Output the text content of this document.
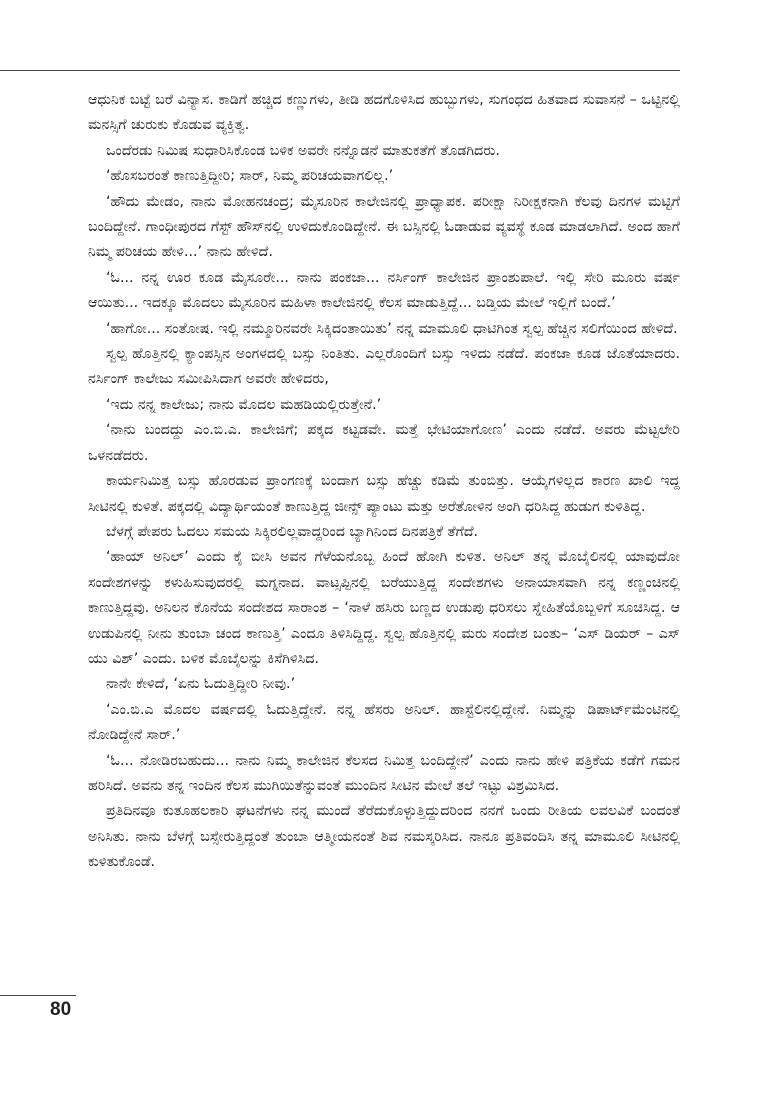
ಆಧುನಿಕ ಬಟ್ಟೆ ಬರೆ ವಿನ್ಯಾಸ. ಕಾಡಿಗೆ ಹಚ್ಚಿದ ಕಣ್ಣುಗಳು, ತೀಡಿ ಹದಗೊಳಿಸಿದ ಹುಬ್ಬುಗಳು, ಸುಗಂಧದ ಹಿತವಾದ ಸುವಾಸನೆ – ಒಟ್ಟಿನಲ್ಲಿ ಮನಸ್ಸಿಗೆ ಚುರುಕು ಕೊಡುವ ವ್ಯಕ್ತಿತ್ವ.

ಒಂದೆರಡು ನಿಮಿಷ ಸುಧಾರಿಸಿಕೊಂಡ ಬಳಿಕ ಅವರೇ ನನ್ನೊಡನೆ ಮಾತುಕತೆಗೆ ತೊಡಗಿದರು.

‘ಹೊಸಬರಂತೆ ಕಾಣುತ್ತಿದ್ದೀರಿ; ಸಾರ್, ನಿಮ್ಮ ಪರಿಚಯವಾಗಲಿಲ್ಲ.’

‘ಹೌದು ಮೇಡಂ, ನಾನು ಮೋಹನಚಂದ್ರ; ಮೈಸೂರಿನ ಕಾಲೇಜಿನಲ್ಲಿ ಪ್ರಾಧ್ಯಾಪಕ. ಪರೀಕ್ಷಾ ನಿರೀಕ್ಷಕನಾಗಿ ಕೆಲವು ದಿನಗಳ ಮಟ್ಟಿಗೆ ಬಂದಿದ್ದೇನೆ. ಗಾಂಧೀಪುರದ ಗೆಸ್ಟ್ ಹೌಸ್‌ನಲ್ಲಿ ಉಳಿದುಕೊಂಡಿದ್ದೇನೆ. ಈ ಬಸ್ಸಿನಲ್ಲಿ ಓಡಾಡುವ ವ್ಯವಸ್ಥೆ ಕೂಡ ಮಾಡಲಾಗಿದೆ. ಅಂದ ಹಾಗೆ ನಿಮ್ಮ ಪರಿಚಯ ಹೇಳಿ...’ ನಾನು ಹೇಳಿದೆ.

‘ಓ... ನನ್ನ ಊರ ಕೂಡ ಮೈಸೂರೇ... ನಾನು ಪಂಕಜಾ... ನರ್ಸಿಂಗ್ ಕಾಲೇಜಿನ ಪ್ರಾಂಶುಪಾಲೆ. ಇಲ್ಲಿ ಸೇರಿ ಮೂರು ವರ್ಷ ಆಯಿತು... ಇದಕ್ಕೂ ಮೊದಲು ಮೈಸೂರಿನ ಮಹಿಳಾ ಕಾಲೇಜಿನಲ್ಲಿ ಕೆಲಸ ಮಾಡುತ್ತಿದ್ದೆ... ಬಡ್ತಿಯ ಮೇಲೆ ಇಲ್ಲಿಗೆ ಬಂದೆ.’

‘ಹಾಗೋ... ಸಂತೋಷ. ಇಲ್ಲಿ ನಮ್ಮೂರಿನವರೇ ಸಿಕ್ಕಿದಂತಾಯಿತು’ ನನ್ನ ಮಾಮೂಲಿ ಧಾಟಿಗಿಂತ ಸ್ವಲ್ಪ ಹೆಚ್ಚಿನ ಸಲಿಗೆಯಿಂದ ಹೇಳಿದೆ.

ಸ್ವಲ್ಪ ಹೊತ್ತಿನಲ್ಲಿ ಕ್ಯಾಂಪಸ್ಸಿನ ಅಂಗಳದಲ್ಲಿ ಬಸ್ಸು ನಿಂತಿತು. ಎಲ್ಲರೊಂದಿಗೆ ಬಸ್ಸು ಇಳಿದು ನಡೆದೆ. ಪಂಕಜಾ ಕೂಡ ಜೊತೆಯಾದರು. ನರ್ಸಿಂಗ್ ಕಾಲೇಜು ಸಮೀಪಿಸಿದಾಗ ಅವರೇ ಹೇಳಿದರು,

‘ಇದು ನನ್ನ ಕಾಲೇಜು; ನಾನು ಮೊದಲ ಮಹಡಿಯಲ್ಲಿರುತ್ತೇನೆ.’

‘ನಾನು ಬಂದದ್ದು ಎಂ.ಬಿ.ಎ. ಕಾಲೇಜಿಗೆ; ಪಕ್ಕದ ಕಟ್ಟಡವೇ. ಮತ್ತೆ ಭೇಟಿಯಾಗೋಣ’ ಎಂದು ನಡೆದೆ. ಅವರು ಮೆಟ್ಟಲೇರಿ ಒಳನಡೆದರು.

ಕಾರ್ಯನಿಮಿತ್ತ ಬಸ್ಸು ಹೊರಡುವ ಪ್ರಾಂಗಣಕ್ಕೆ ಬಂದಾಗ ಬಸ್ಸು ಹೆಚ್ಚು ಕಡಿಮೆ ತುಂಬಿತ್ತು. ಆಯ್ಕೆಗಳಿಲ್ಲದ ಕಾರಣ ಖಾಲಿ ಇದ್ದ ಸೀಟಿನಲ್ಲಿ ಕುಳಿತೆ. ಪಕ್ಕದಲ್ಲಿ ವಿದ್ಯಾರ್ಥಿಯಂತೆ ಕಾಣುತ್ತಿದ್ದ ಜೀನ್ಸ್ ಪ್ಯಾಂಟು ಮತ್ತು ಅರೆತೋಳಿನ ಅಂಗಿ ಧರಿಸಿದ್ದ ಹುಡುಗ ಕುಳಿತಿದ್ದ.

ಬೆಳಗ್ಗೆ ಪೇಪರು ಓದಲು ಸಮಯ ಸಿಕ್ಕಿರಲಿಲ್ಲವಾದ್ದರಿಂದ ಬ್ಯಾಗಿನಿಂದ ದಿನಪತ್ರಿಕೆ ತೆಗೆದೆ.

‘ಹಾಯ್ ಅನಿಲ್’ ಎಂದು ಕೈ ಬೀಸಿ ಅವನ ಗೆಳೆಯನೊಬ್ಬ ಹಿಂದೆ ಹೋಗಿ ಕುಳಿತ. ಅನಿಲ್ ತನ್ನ ಮೊಬೈಲಿನಲ್ಲಿ ಯಾವುದೋ ಸಂದೇಶಗಳನ್ನು ಕಳುಹಿಸುವುದರಲ್ಲಿ ಮಗ್ನನಾದ. ವಾಟ್ಸಪ್ಪಿನಲ್ಲಿ ಬರೆಯುತ್ತಿದ್ದ ಸಂದೇಶಗಳು ಅನಾಯಾಸವಾಗಿ ನನ್ನ ಕಣ್ಣಂಚಿನಲ್ಲಿ ಕಾಣುತ್ತಿದ್ದವು. ಅನಿಲನ ಕೊನೆಯ ಸಂದೇಶದ ಸಾರಾಂಶ – ‘ನಾಳೆ ಹಸಿರು ಬಣ್ಣದ ಉಡುಪು ಧರಿಸಲು ಸ್ನೇಹಿತೆಯೊಬ್ಬಳಿಗೆ ಸೂಚಿಸಿದ್ದ. ಆ ಉಡುಪಿನಲ್ಲಿ ನೀನು ತುಂಬಾ ಚಂದ ಕಾಣುತ್ತಿ’ ಎಂದೂ ತಿಳಿಸಿದ್ದಿದ್ದ. ಸ್ವಲ್ಪ ಹೊತ್ತಿನಲ್ಲಿ ಮರು ಸಂದೇಶ ಬಂತು– ‘ಎಸ್ ಡಿಯರ್ – ಎಸ್ ಯು ವಿಶ್’ ಎಂದು. ಬಳಿಕ ಮೊಬೈಲನ್ನು ಕಿಸೆಗಿಳಿಸಿದ.

ನಾನೇ ಕೇಳಿದೆ, ‘ಏನು ಓದುತ್ತಿದ್ದೀರಿ ನೀವು.’

‘ಎಂ.ಬಿ.ಎ ಮೊದಲ ವರ್ಷದಲ್ಲಿ ಓದುತ್ತಿದ್ದೇನೆ. ನನ್ನ ಹೆಸರು ಅನಿಲ್. ಹಾಸ್ಟೆಲಿನಲ್ಲಿದ್ದೇನೆ. ನಿಮ್ಮನ್ನು ಡಿಪಾರ್ಟ್‌ಮೆಂಟಿನಲ್ಲಿ ನೋಡಿದ್ದೇನೆ ಸಾರ್.’

‘ಓ... ನೋಡಿರಬಹುದು... ನಾನು ನಿಮ್ಮ ಕಾಲೇಜಿನ ಕೆಲಸದ ನಿಮಿತ್ತ ಬಂದಿದ್ದೇನೆ’ ಎಂದು ನಾನು ಹೇಳಿ ಪತ್ರಿಕೆಯ ಕಡೆಗೆ ಗಮನ ಹರಿಸಿದೆ. ಅವನು ತನ್ನ ಇಂದಿನ ಕೆಲಸ ಮುಗಿಯಿತೆನ್ನುವಂತೆ ಮುಂದಿನ ಸೀಟಿನ ಮೇಲೆ ತಲೆ ಇಟ್ಟು ವಿಶ್ರಮಿಸಿದ.

ಪ್ರತಿದಿನವೂ ಕುತೂಹಲಕಾರಿ ಘಟನೆಗಳು ನನ್ನ ಮುಂದೆ ತೆರೆದುಕೊಳ್ಳುತ್ತಿದ್ದುದರಿಂದ ನನಗೆ ಒಂದು ರೀತಿಯ ಲವಲವಿಕೆ ಬಂದಂತೆ ಅನಿಸಿತು. ನಾನು ಬೆಳಗ್ಗೆ ಬಸ್ಸೇರುತ್ತಿದ್ದಂತೆ ತುಂಬಾ ಆತ್ಮೀಯನಂತೆ ಶಿವ ನಮಸ್ಕರಿಸಿದ. ನಾನೂ ಪ್ರತಿವಂದಿಸಿ ತನ್ನ ಮಾಮೂಲಿ ಸೀಟಿನಲ್ಲಿ ಕುಳಿತುಕೊಂಡೆ.

80
